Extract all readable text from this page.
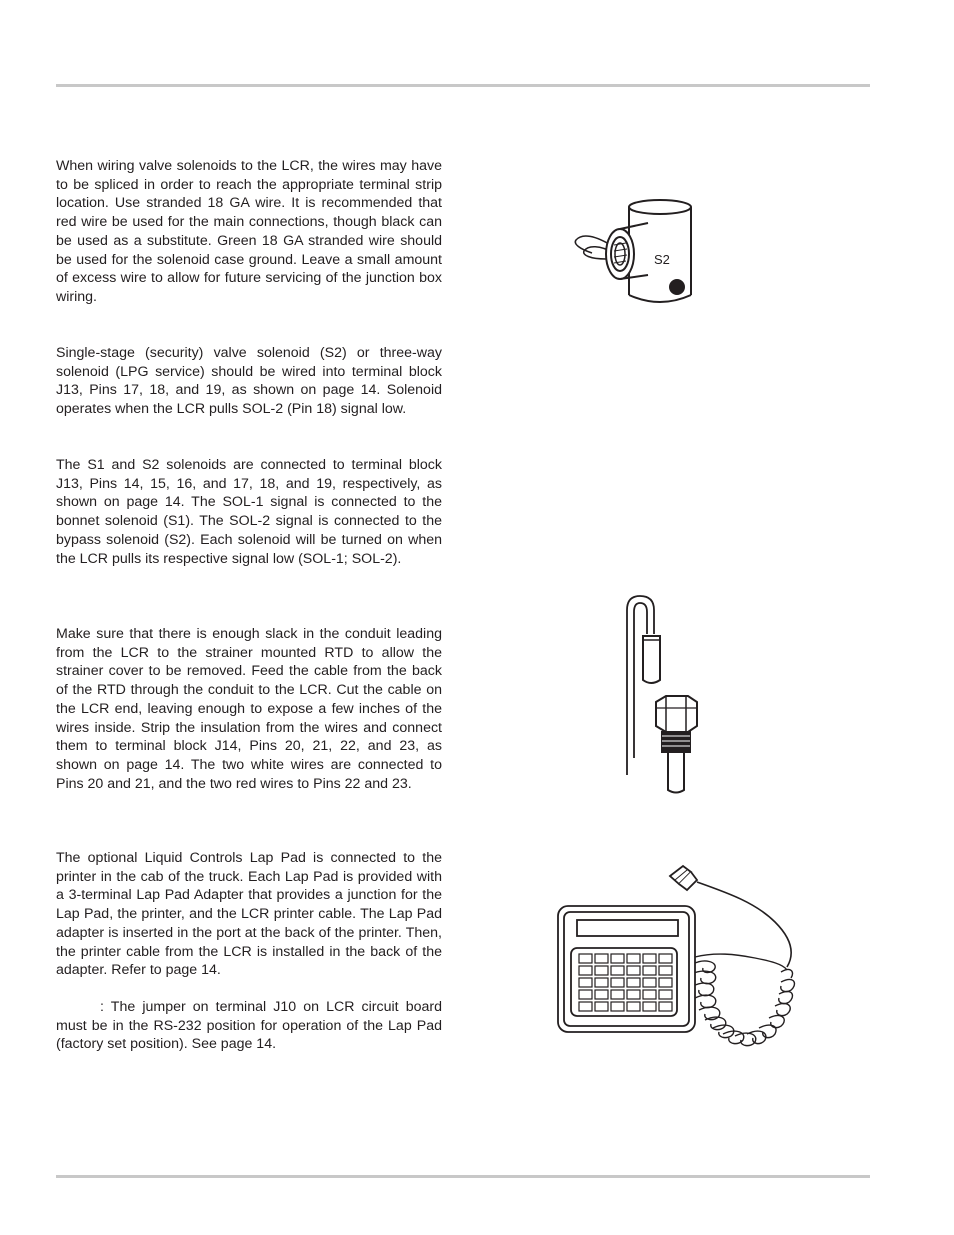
When wiring valve solenoids to the LCR, the wires may have to be spliced in order to reach the appropriate terminal strip location. Use stranded 18 GA wire. It is recommended that red wire be used for the main connections, though black can be used as a substitute. Green 18 GA stranded wire should be used for the solenoid case ground. Leave a small amount of excess wire to allow for future servicing of the junction box wiring.

Single-stage (security) valve solenoid (S2) or three-way solenoid (LPG service) should be wired into terminal block J13, Pins 17, 18, and 19, as shown on page 14. Solenoid operates when the LCR pulls SOL-2 (Pin 18) signal low.

The S1 and S2 solenoids are connected to terminal block J13, Pins 14, 15, 16, and 17, 18, and 19, respectively, as shown on page 14. The SOL-1 signal is connected to the bonnet solenoid (S1). The SOL-2 signal is connected to the bypass solenoid (S2). Each solenoid will be turned on when the LCR pulls its respective signal low (SOL-1; SOL-2).

Make sure that there is enough slack in the conduit leading from the LCR to the strainer mounted RTD to allow the strainer cover to be removed. Feed the cable from the back of the RTD through the conduit to the LCR. Cut the cable on the LCR end, leaving enough to expose a few inches of the wires inside. Strip the insulation from the wires and connect them to terminal block J14, Pins 20, 21, 22, and 23, as shown on page 14. The two white wires are connected to Pins 20 and 21, and the two red wires to Pins 22 and 23.

The optional Liquid Controls Lap Pad is connected to the printer in the cab of the truck. Each Lap Pad is provided with a 3-terminal Lap Pad Adapter that provides a junction for the Lap Pad, the printer, and the LCR printer cable. The Lap Pad adapter is inserted in the port at the back of the printer. Then, the printer cable from the LCR is installed in the back of the adapter. Refer to page 14.

: The jumper on terminal J10 on LCR circuit board must be in the RS-232 position for operation of the Lap Pad (factory set position). See page 14.

S2
